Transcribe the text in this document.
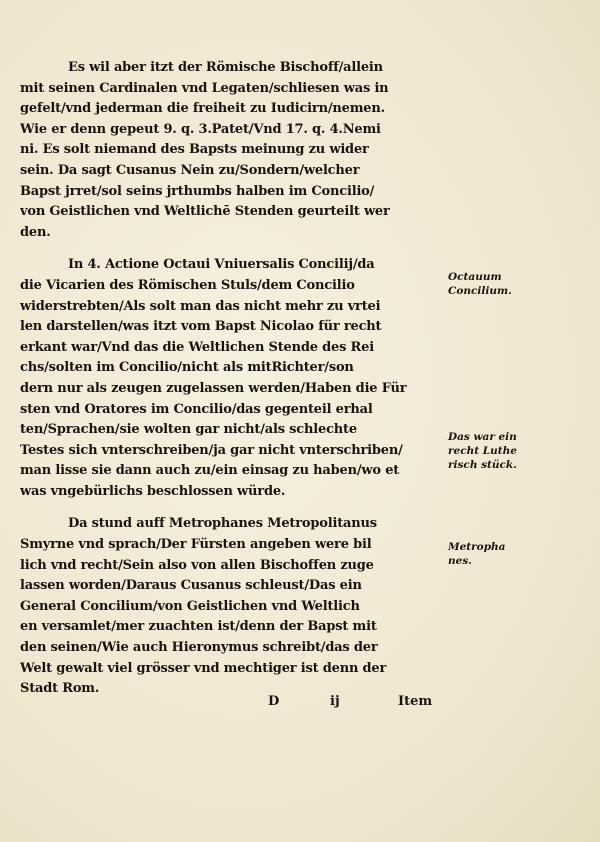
Es wil aber itzt der Römische Bischoff/allein
mit seinen Cardinalen vnd Legaten/schliesen was in
gefelt/vnd jederman die freiheit zu Iudicirn/nemen.
Wie er denn gepeut 9. q. 3.Patet/Vnd 17. q. 4.Nemi
ni. Es solt niemand des Bapsts meinung zu wider
sein. Da sagt Cusanus Nein zu/Sondern/welcher
Bapst jrret/sol seins jrthumbs halben im Concilio/
von Geistlichen vnd Weltlichē Stenden geurteilt wer
den.
In 4. Actione Octaui Vniuersalis Concilij/da
die Vicarien des Römischen Stuls/dem Concilio
widerstrebten/Als solt man das nicht mehr zu vrtei
len darstellen/was itzt vom Bapst Nicolao für recht
erkant war/Vnd das die Weltlichen Stende des Rei
chs/solten im Concilio/nicht als mitRichter/son
dern nur als zeugen zugelassen werden/Haben die Für
sten vnd Oratores im Concilio/das gegenteil erhal
ten/Sprachen/sie wolten gar nicht/als schlechte
Testes sich vnterschreiben/ja gar nicht vnterschriben/
man lisse sie dann auch zu/ein einsag zu haben/wo et
was vngebürlichs beschlossen würde.
Da stund auff Metrophanes Metropolitanus
Smyrne vnd sprach/Der Fürsten angeben were bil
lich vnd recht/Sein also von allen Bischoffen zuge
lassen worden/Daraus Cusanus schleust/Das ein
General Concilium/von Geistlichen vnd Weltlich
en versamlet/mer zuachten ist/denn der Bapst mit
den seinen/Wie auch Hieronymus schreibt/das der
Welt gewalt viel grösser vnd mechtiger ist denn der
Stadt Rom.
Octauum
Concilium.
Das war ein
recht Luthe
risch stück.
Metropha
nes.
D	ij	Item
